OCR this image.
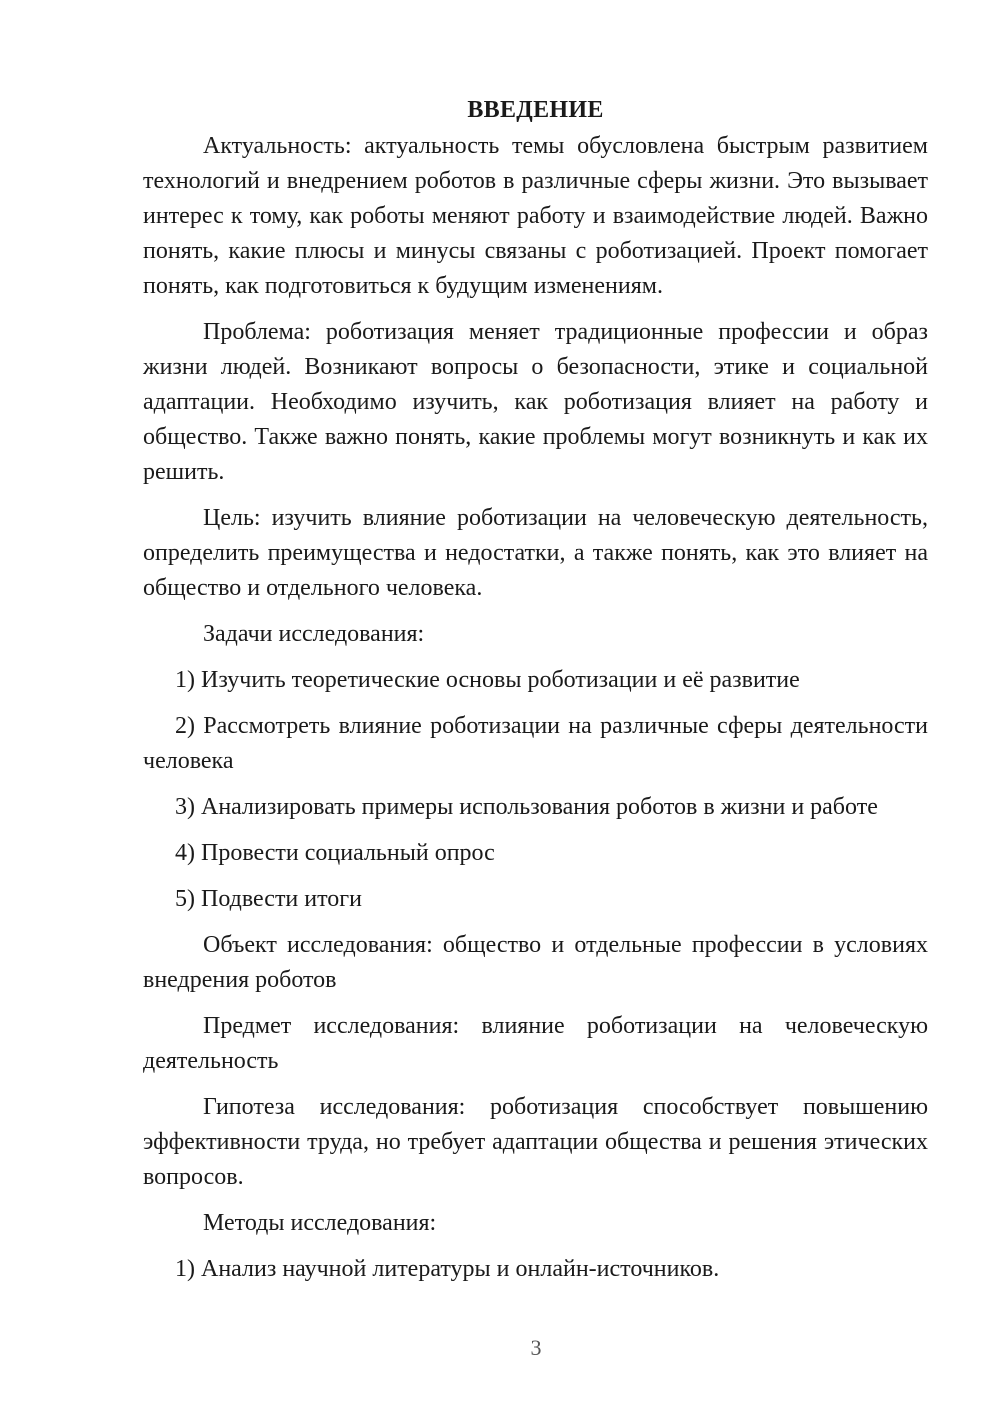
ВВЕДЕНИЕ

Актуальность: актуальность темы обусловлена быстрым развитием технологий и внедрением роботов в различные сферы жизни. Это вызывает интерес к тому, как роботы меняют работу и взаимодействие людей. Важно понять, какие плюсы и минусы связаны с роботизацией. Проект помогает понять, как подготовиться к будущим изменениям.

Проблема: роботизация меняет традиционные профессии и образ жизни людей. Возникают вопросы о безопасности, этике и социальной адаптации. Необходимо изучить, как роботизация влияет на работу и общество. Также важно понять, какие проблемы могут возникнуть и как их решить.

Цель: изучить влияние роботизации на человеческую деятельность, определить преимущества и недостатки, а также понять, как это влияет на общество и отдельного человека.

Задачи исследования:

1) Изучить теоретические основы роботизации и её развитие

2) Рассмотреть влияние роботизации на различные сферы деятельности человека

3) Анализировать примеры использования роботов в жизни и работе

4) Провести социальный опрос

5) Подвести итоги

Объект исследования: общество и отдельные профессии в условиях внедрения роботов

Предмет исследования: влияние роботизации на человеческую деятельность

Гипотеза исследования: роботизация способствует повышению эффективности труда, но требует адаптации общества и решения этических вопросов.

Методы исследования:

1) Анализ научной литературы и онлайн-источников.

3
